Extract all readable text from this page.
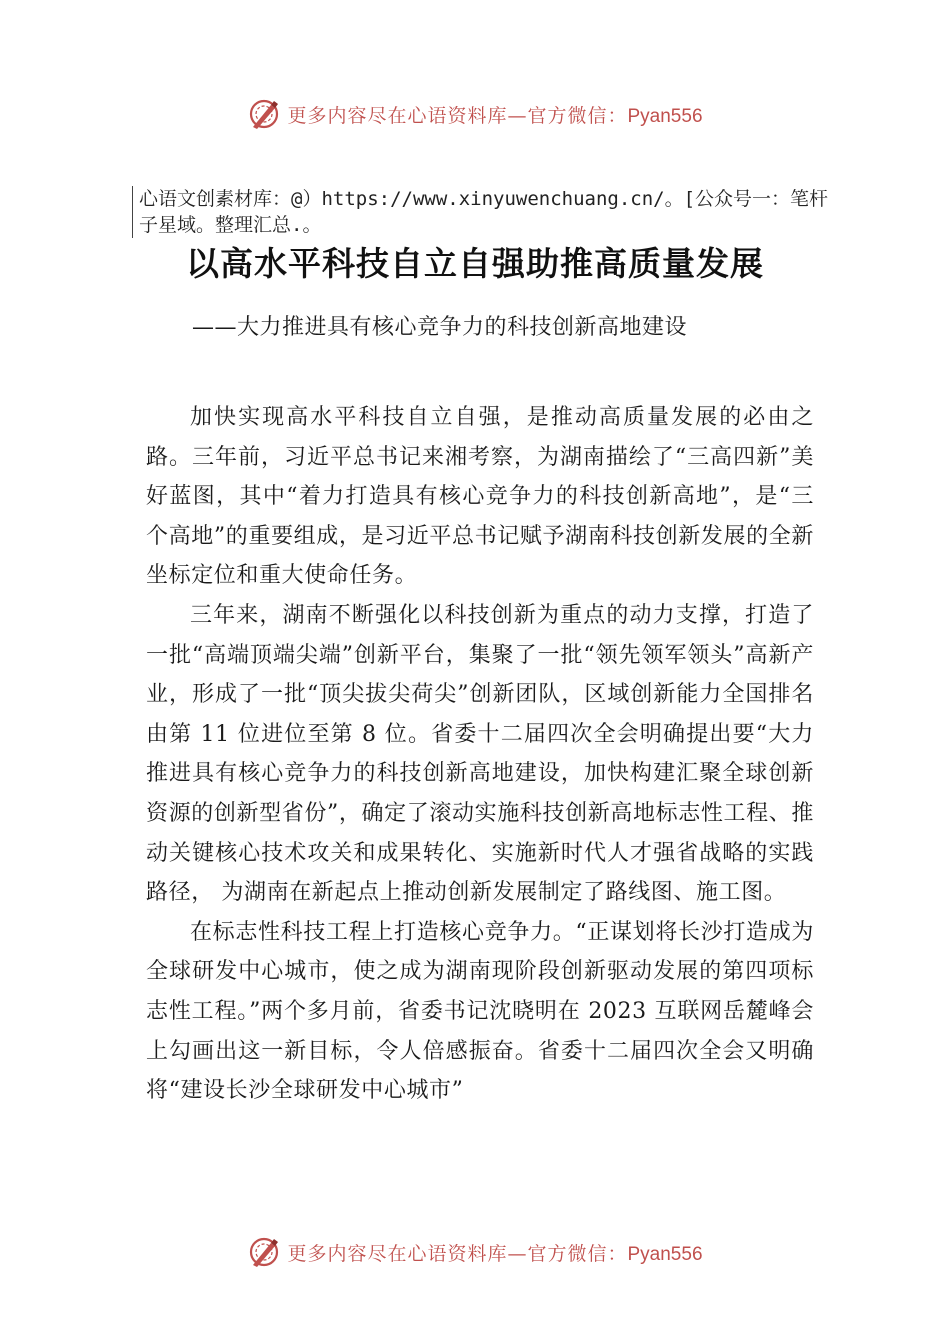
更多内容尽在心语资料库—官方微信：Pyan556
心语文创素材库：@）https://www.xinyuwenchuang.cn/。[公众号一：笔杆子星域。整理汇总.。
以高水平科技自立自强助推高质量发展
——大力推进具有核心竞争力的科技创新高地建设

加快实现高水平科技自立自强，是推动高质量发展的必由之路。三年前，习近平总书记来湘考察，为湖南描绘了“三高四新”美好蓝图，其中“着力打造具有核心竞争力的科技创新高地”，是“三个高地”的重要组成，是习近平总书记赋予湖南科技创新发展的全新坐标定位和重大使命任务。

三年来，湖南不断强化以科技创新为重点的动力支撑，打造了一批“高端顶端尖端”创新平台，集聚了一批“领先领军领头”高新产业，形成了一批“顶尖拔尖荷尖”创新团队，区域创新能力全国排名由第 11 位进位至第 8 位。省委十二届四次全会明确提出要“大力推进具有核心竞争力的科技创新高地建设，加快构建汇聚全球创新资源的创新型省份”，确定了滚动实施科技创新高地标志性工程、推动关键核心技术攻关和成果转化、实施新时代人才强省战略的实践路径， 为湖南在新起点上推动创新发展制定了路线图、施工图。

在标志性科技工程上打造核心竞争力。“正谋划将长沙打造成为全球研发中心城市，使之成为湖南现阶段创新驱动发展的第四项标志性工程。”两个多月前，省委书记沈晓明在 2023 互联网岳麓峰会上勾画出这一新目标，令人倍感振奋。省委十二届四次全会又明确将“建设长沙全球研发中心城市”

更多内容尽在心语资料库—官方微信：Pyan556
